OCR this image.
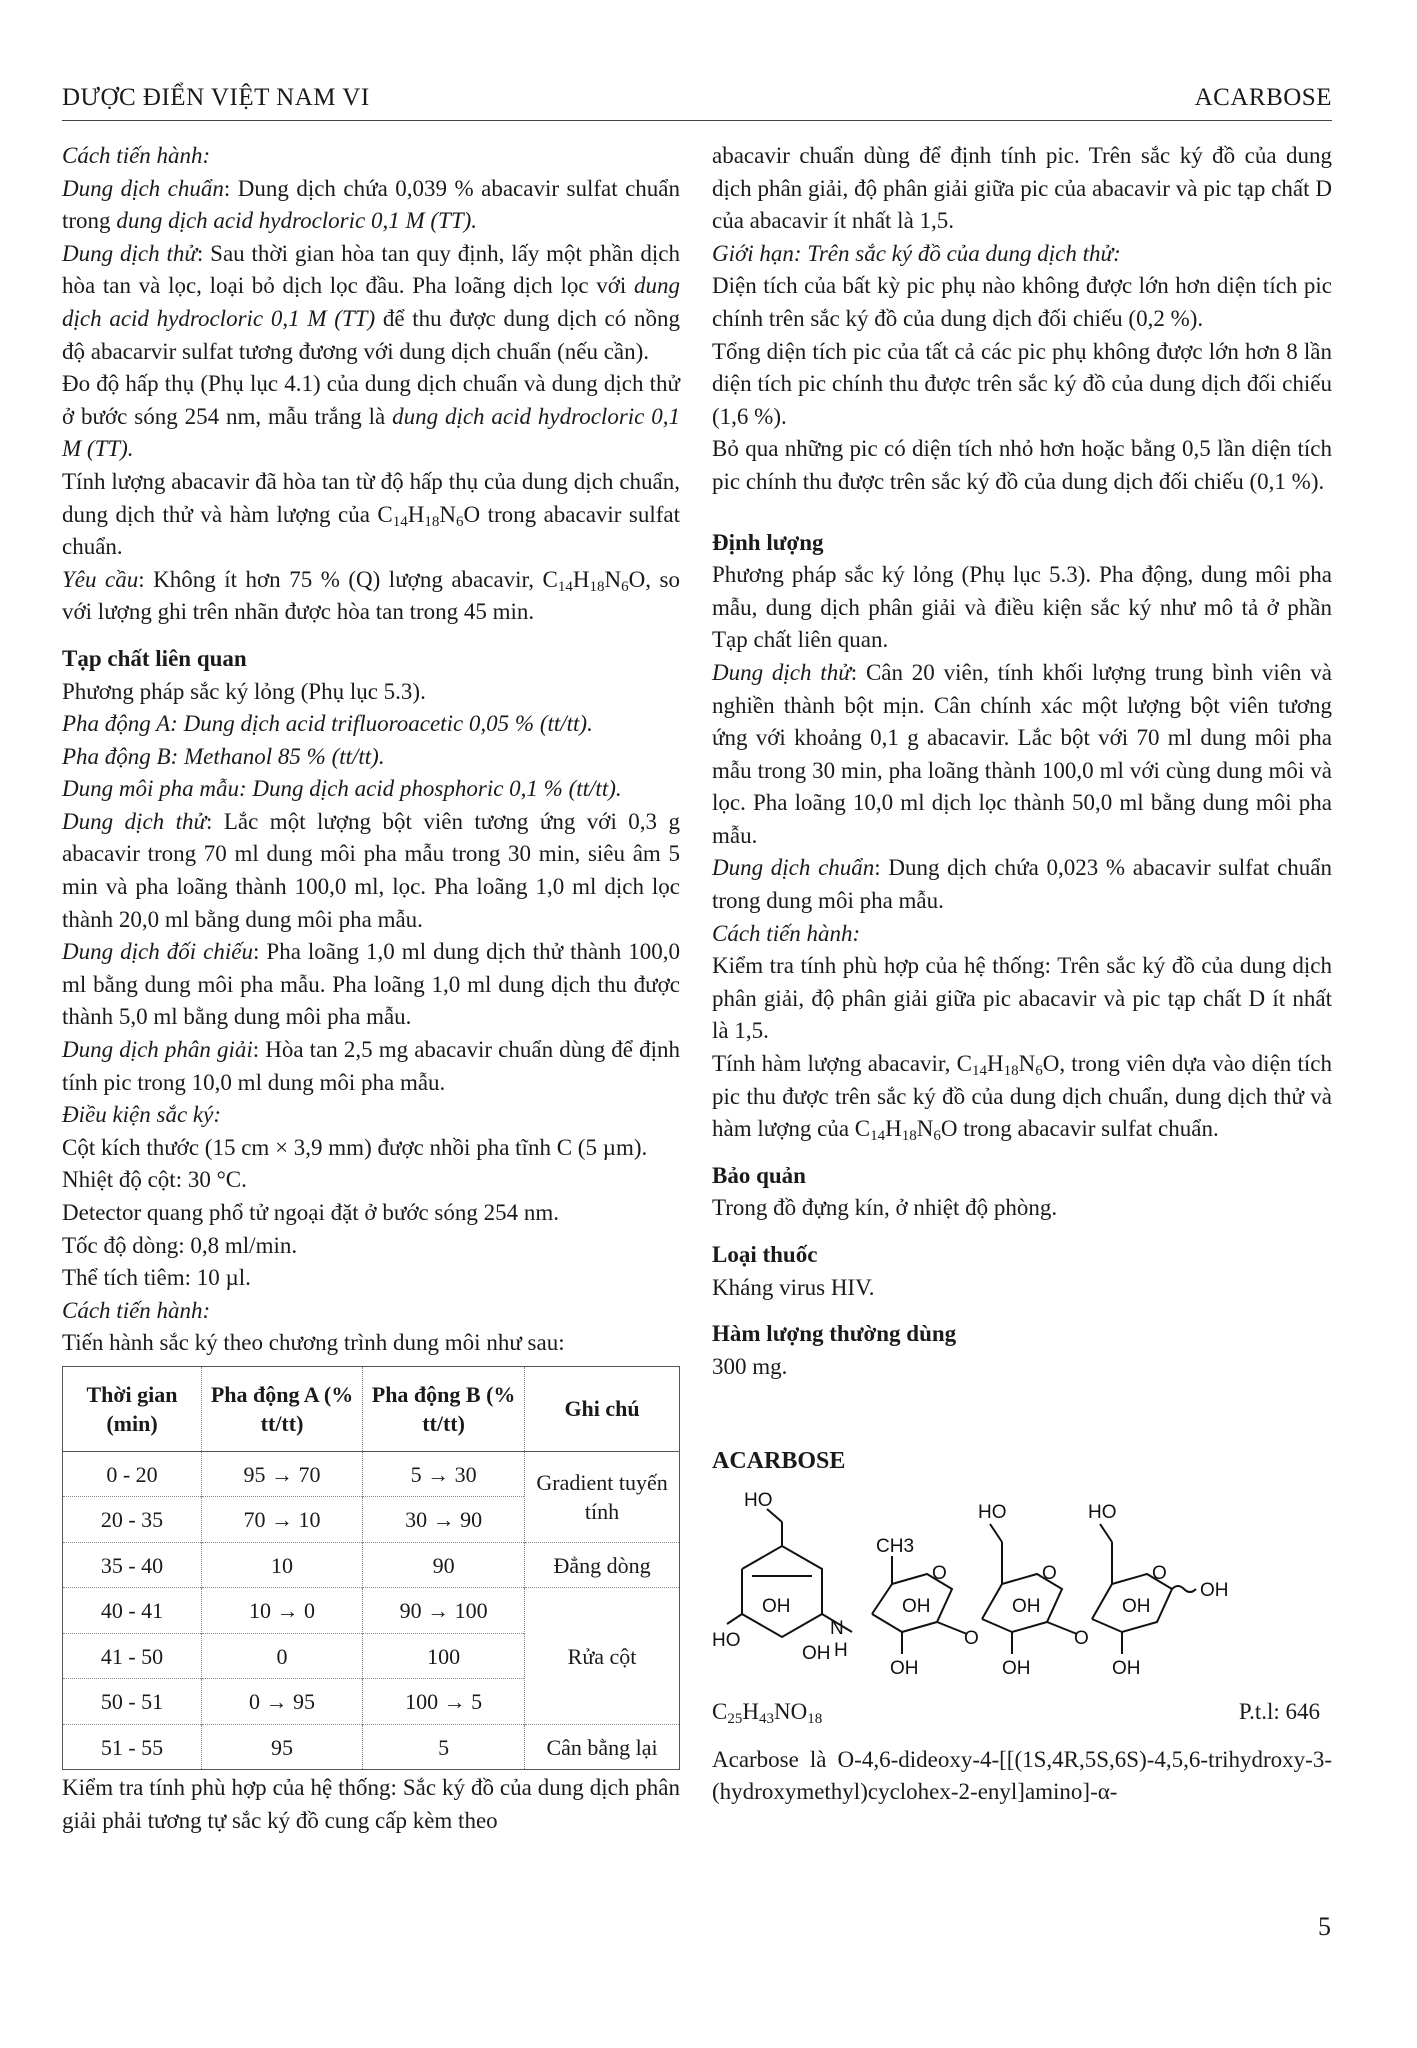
DƯỢC ĐIỂN VIỆT NAM VI	ACARBOSE
Cách tiến hành:
Dung dịch chuẩn: Dung dịch chứa 0,039 % abacavir sulfat chuẩn trong dung dịch acid hydrocloric 0,1 M (TT).
Dung dịch thử: Sau thời gian hòa tan quy định, lấy một phần dịch hòa tan và lọc, loại bỏ dịch lọc đầu. Pha loãng dịch lọc với dung dịch acid hydrocloric 0,1 M (TT) để thu được dung dịch có nồng độ abacarvir sulfat tương đương với dung dịch chuẩn (nếu cần).
Đo độ hấp thụ (Phụ lục 4.1) của dung dịch chuẩn và dung dịch thử ở bước sóng 254 nm, mẫu trắng là dung dịch acid hydrocloric 0,1 M (TT).
Tính lượng abacavir đã hòa tan từ độ hấp thụ của dung dịch chuẩn, dung dịch thử và hàm lượng của $C_{14}H_{18}N_6O$ trong abacavir sulfat chuẩn.
Yêu cầu: Không ít hơn 75 % (Q) lượng abacavir, $C_{14}H_{18}N_6O$, so với lượng ghi trên nhãn được hòa tan trong 45 min.
Tạp chất liên quan
Phương pháp sắc ký lỏng (Phụ lục 5.3).
Pha động A: Dung dịch acid trifluoroacetic 0,05 % (tt/tt).
Pha động B: Methanol 85 % (tt/tt).
Dung môi pha mẫu: Dung dịch acid phosphoric 0,1 % (tt/tt).
Dung dịch thử: Lắc một lượng bột viên tương ứng với 0,3 g abacavir trong 70 ml dung môi pha mẫu trong 30 min, siêu âm 5 min và pha loãng thành 100,0 ml, lọc. Pha loãng 1,0 ml dịch lọc thành 20,0 ml bằng dung môi pha mẫu.
Dung dịch đối chiếu: Pha loãng 1,0 ml dung dịch thử thành 100,0 ml bằng dung môi pha mẫu. Pha loãng 1,0 ml dung dịch thu được thành 5,0 ml bằng dung môi pha mẫu.
Dung dịch phân giải: Hòa tan 2,5 mg abacavir chuẩn dùng để định tính pic trong 10,0 ml dung môi pha mẫu.
Điều kiện sắc ký:
Cột kích thước (15 cm × 3,9 mm) được nhồi pha tĩnh C (5 µm).
Nhiệt độ cột: 30 °C.
Detector quang phổ tử ngoại đặt ở bước sóng 254 nm.
Tốc độ dòng: 0,8 ml/min.
Thể tích tiêm: 10 µl.
Cách tiến hành:
Tiến hành sắc ký theo chương trình dung môi như sau:
Thời gian (min)	Pha động A (% tt/tt)	Pha động B (% tt/tt)	Ghi chú
0 - 20	95 → 70	5 → 30	Gradient tuyến tính
20 - 35	70 → 10	30 → 90	
35 - 40	10	90	Đẳng dòng
40 - 41	10 → 0	90 → 100	Rửa cột
41 - 50	0	100	
50 - 51	0 → 95	100 → 5	
51 - 55	95	5	Cân bằng lại
Kiểm tra tính phù hợp của hệ thống: Sắc ký đồ của dung dịch phân giải phải tương tự sắc ký đồ cung cấp kèm theo
abacavir chuẩn dùng để định tính pic. Trên sắc ký đồ của dung dịch phân giải, độ phân giải giữa pic của abacavir và pic tạp chất D của abacavir ít nhất là 1,5.
Giới hạn: Trên sắc ký đồ của dung dịch thử:
Diện tích của bất kỳ pic phụ nào không được lớn hơn diện tích pic chính trên sắc ký đồ của dung dịch đối chiếu (0,2 %).
Tổng diện tích pic của tất cả các pic phụ không được lớn hơn 8 lần diện tích pic chính thu được trên sắc ký đồ của dung dịch đối chiếu (1,6 %).
Bỏ qua những pic có diện tích nhỏ hơn hoặc bằng 0,5 lần diện tích pic chính thu được trên sắc ký đồ của dung dịch đối chiếu (0,1 %).
Định lượng
Phương pháp sắc ký lỏng (Phụ lục 5.3). Pha động, dung môi pha mẫu, dung dịch phân giải và điều kiện sắc ký như mô tả ở phần Tạp chất liên quan.
Dung dịch thử: Cân 20 viên, tính khối lượng trung bình viên và nghiền thành bột mịn. Cân chính xác một lượng bột viên tương ứng với khoảng 0,1 g abacavir. Lắc bột với 70 ml dung môi pha mẫu trong 30 min, pha loãng thành 100,0 ml với cùng dung môi và lọc. Pha loãng 10,0 ml dịch lọc thành 50,0 ml bằng dung môi pha mẫu.
Dung dịch chuẩn: Dung dịch chứa 0,023 % abacavir sulfat chuẩn trong dung môi pha mẫu.
Cách tiến hành:
Kiểm tra tính phù hợp của hệ thống: Trên sắc ký đồ của dung dịch phân giải, độ phân giải giữa pic abacavir và pic tạp chất D ít nhất là 1,5.
Tính hàm lượng abacavir, $C_{14}H_{18}N_6O$, trong viên dựa vào diện tích pic thu được trên sắc ký đồ của dung dịch chuẩn, dung dịch thử và hàm lượng của $C_{14}H_{18}N_6O$ trong abacavir sulfat chuẩn.
Bảo quản
Trong đồ đựng kín, ở nhiệt độ phòng.
Loại thuốc
Kháng virus HIV.
Hàm lượng thường dùng
300 mg.
ACARBOSE
HO
HO
OH
OH
N
H
CH3
O
OH
OH
O
HO
O
OH
OH
O
HO
O
OH
OH
OH
$C_{25}H_{43}NO_{18}$	P.t.l: 646
Acarbose là O-4,6-dideoxy-4-[[(1S,4R,5S,6S)-4,5,6-trihydroxy-3-(hydroxymethyl)cyclohex-2-enyl]amino]-α-
5
